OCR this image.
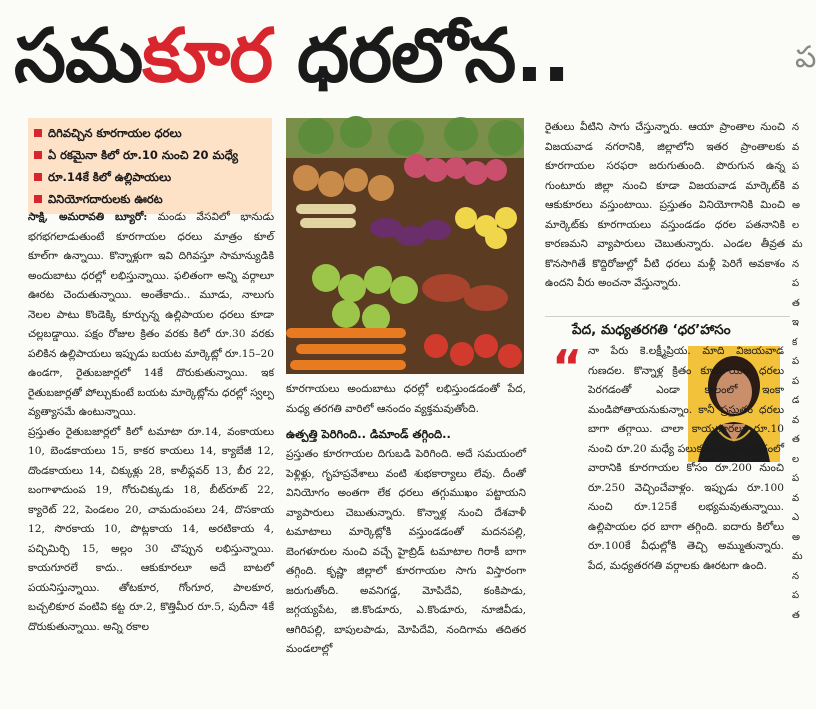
సమకూర ధరలోన..	ప
దిగివచ్చిన కూరగాయల ధరలు
ఏ రకమైనా కిలో రూ.10 నుంచి 20 మధ్యే
రూ.14కే కిలో ఉల్లిపాయలు
వినియోగదారులకు ఊరట

సాక్షి, అమరావతి బ్యూరో: మండు వేసవిలో భానుడు భగభగలాడుతుంటే కూరగాయల ధరలు మాత్రం కూల్ కూల్‌గా ఉన్నాయి. కొన్నాళ్లుగా ఇవి దిగివస్తూ సామాన్యుడికి అందుబాటు ధరల్లో లభిస్తున్నాయి. ఫలితంగా అన్ని వర్గాలూ ఊరట చెందుతున్నాయి. అంతేకాదు.. మూడు, నాలుగు నెలల పాటు కొండెక్కి కూర్చున్న ఉల్లిపాయల ధరలు కూడా చల్లబడ్డాయి. పక్షం రోజుల క్రితం వరకు కిలో రూ.30 వరకు పలికిన ఉల్లిపాయలు ఇప్పుడు బయట మార్కెట్లో రూ.15–20 ఉండగా, రైతుబజార్లలో 14కే దొరుకుతున్నాయి. ఇక రైతుబజార్లతో పోల్చుకుంటే బయట మార్కెట్లోను ధరల్లో స్వల్ప వ్యత్యాసమే ఉంటున్నాయి.

ప్రస్తుతం రైతుబజార్లలో కిలో టమాటా రూ.14, వంకాయలు 10, బెండకాయలు 15, కాకర కాయలు 14, క్యాబేజీ 12, దొండకాయలు 14, చిక్కుళ్లు 28, కాలీఫ్లవర్ 13, బీర 22, బంగాళాదుంప 19, గోరుచిక్కుడు 18, బీట్‌రూట్ 22, క్యారెట్ 22, పెండలం 20, చామదుంపలు 24, దొసకాయ 12, సొరకాయ 10, పొట్లకాయ 14, అరటికాయ 4, పచ్చిమిర్చి 15, అల్లం 30 చొప్పున లభిస్తున్నాయి. కాయగూరలే కాదు.. ఆకుకూరలూ అదే బాటలో పయనిస్తున్నాయి. తోటకూర, గోంగూర, పాలకూర, బచ్చలికూర వంటివి కట్ట రూ.2, కొత్తిమీర రూ.5, పుదీనా 4కే దొరుకుతున్నాయి. అన్ని రకాల

కూరగాయలు అందుబాటు ధరల్లో లభిస్తుండడంతో పేద, మధ్య తరగతి వారిలో ఆనందం వ్యక్తమవుతోంది.

ఉత్పత్తి పెరిగింది.. డిమాండ్ తగ్గింది..

ప్రస్తుతం కూరగాయల దిగుబడి పెరిగింది. అదే సమయంలో పెళ్లిళ్లు, గృహప్రవేశాలు వంటి శుభకార్యాలు లేవు. దీంతో వినియోగం అంతగా లేక ధరలు తగ్గుముఖం పట్టాయని వ్యాపారులు చెబుతున్నారు. కొన్నాళ్ల నుంచి దేశవాళీ టమాటాలు మార్కెట్లోకి వస్తుండడంతో మదనపల్లి, బెంగళూరుల నుంచి వచ్చే హైబ్రిడ్ టమాటాల గిరాకీ బాగా తగ్గింది. కృష్ణా జిల్లాలో కూరగాయల సాగు విస్తారంగా జరుగుతోంది. అవనిగడ్డ, మోపిదేవి, కంకిపాడు, జగ్గయ్యపేట, జి.కొండూరు, ఎ.కొండూరు, నూజివీడు, ఆగిరిపల్లి, బాపులపాడు, మోపిదేవి, నందిగామ తదితర మండలాల్లో

రైతులు వీటిని సాగు చేస్తున్నారు. ఆయా ప్రాంతాల నుంచి విజయవాడ నగరానికి, జిల్లాలోని ఇతర ప్రాంతాలకు కూరగాయల సరఫరా జరుగుతుంది. పొరుగున ఉన్న గుంటూరు జిల్లా నుంచి కూడా విజయవాడ మార్కెట్‌కి ఆకుకూరలు వస్తుంటాయి. ప్రస్తుతం వినియోగానికి మించి మార్కెట్‌కు కూరగాయలు వస్తుండడం ధరల పతనానికి కారణమని వ్యాపారులు చెబుతున్నారు. ఎండల తీవ్రత కొనసాగితే కొద్దిరోజుల్లో వీటి ధరలు మళ్లీ పెరిగే అవకాశం ఉందని వీరు అంచనా వేస్తున్నారు.

పేద, మధ్యతరగతి ‘ధర’హాసం
“ నా పేరు కె.లక్ష్మీప్రియ. మాది విజయవాడ గుణదల. కొన్నాళ్ల క్రితం కూరగాయల ధరలు పెరగడంతో ఎండా కాలంలో ఇంకా మండిపోతాయనుకున్నాం. కానీ ప్రస్తుతం ధరలు బాగా తగ్గాయి. చాలా కాయగూరలు రూ.10 నుంచి రూ.20 మధ్యే పలుకుతున్నాయి. గతంలో వారానికి కూరగాయల కోసం రూ.200 నుంచి రూ.250 వెచ్చించేవాళ్లం. ఇప్పుడు రూ.100 నుంచి రూ.125కే లభ్యమవుతున్నాయి. ఉల్లిపాయల ధర బాగా తగ్గింది. ఐదారు కిలోలు రూ.100కే వీధుల్లోకి తెచ్చి అమ్ముతున్నారు. పేద, మధ్యతరగతి వర్గాలకు ఊరటగా ఉంది.

న వ ప వ అ ల మ న ప త ఇ క ప ప డ వ త ల ప వ ఎ అ మ న ప త
